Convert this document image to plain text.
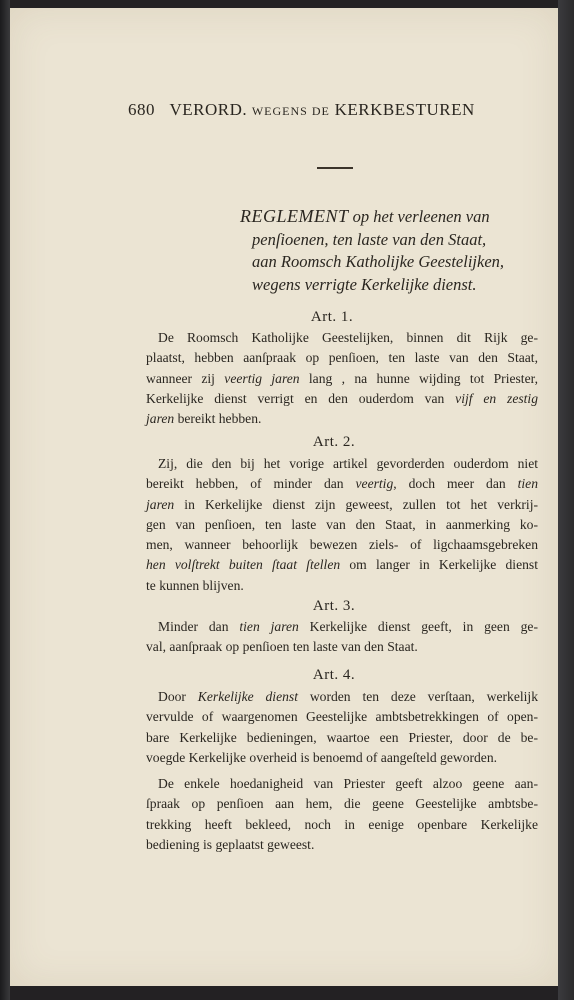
680 VERORD. WEGENS DE KERKBESTUREN
REGLEMENT op het verleenen van
penſioenen, ten laste van den Staat,
aan Roomsch Katholijke Geestelijken,
wegens verrigte Kerkelijke dienst.
Art. 1.
De Roomsch Katholijke Geestelijken, binnen dit Rijk ge-
plaatst, hebben aanſpraak op penſioen, ten laste van den Staat,
wanneer zij veertig jaren lang , na hunne wijding tot Priester,
Kerkelijke dienst verrigt en den ouderdom van vijf en zestig
jaren bereikt hebben.
Art. 2.
Zij, die den bij het vorige artikel gevorderden ouderdom niet
bereikt hebben, of minder dan veertig, doch meer dan tien
jaren in Kerkelijke dienst zijn geweest, zullen tot het verkrij-
gen van penſioen, ten laste van den Staat, in aanmerking ko-
men, wanneer behoorlijk bewezen ziels- of ligchaamsgebreken
hen volſtrekt buiten ſtaat ſtellen om langer in Kerkelijke dienst
te kunnen blijven.
Art. 3.
Minder dan tien jaren Kerkelijke dienst geeft, in geen ge-
val, aanſpraak op penſioen ten laste van den Staat.
Art. 4.
Door Kerkelijke dienst worden ten deze verſtaan, werkelijk
vervulde of waargenomen Geestelijke ambtsbetrekkingen of open-
bare Kerkelijke bedieningen, waartoe een Priester, door de be-
voegde Kerkelijke overheid is benoemd of aangeſteld geworden.
De enkele hoedanigheid van Priester geeft alzoo geene aan-
ſpraak op penſioen aan hem, die geene Geestelijke ambtsbe-
trekking heeft bekleed, noch in eenige openbare Kerkelijke
bediening is geplaatst geweest.
